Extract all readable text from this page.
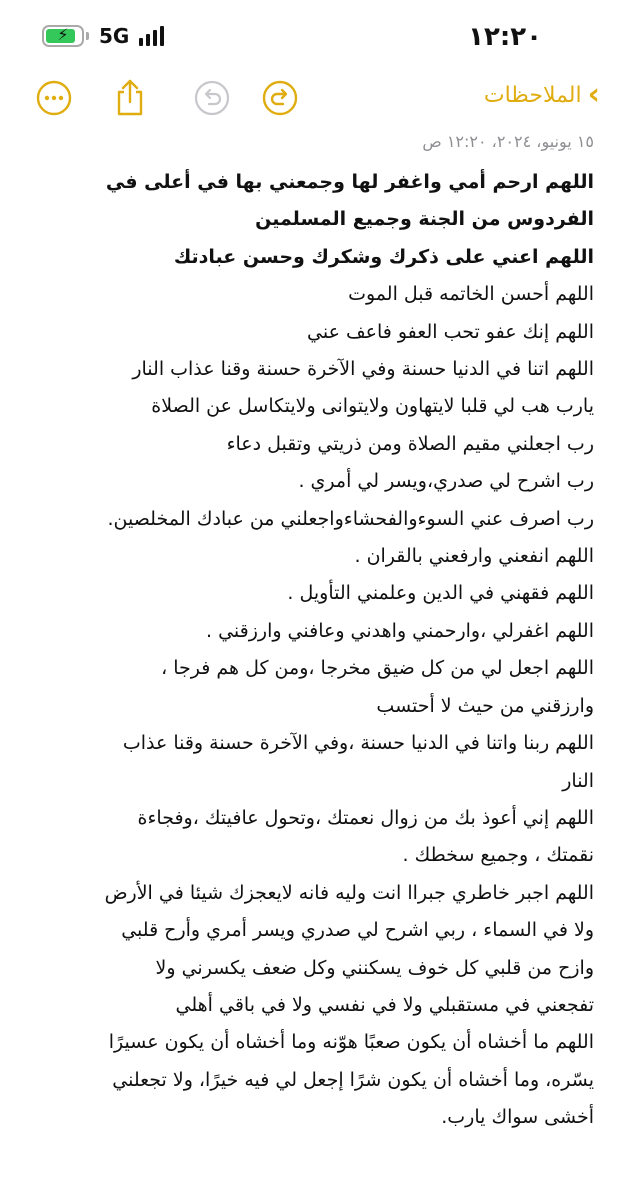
⚡	5G	١٢:٢٠
›
الملاحظات
١٥ يونيو، ٢٠٢٤، ١٢:٢٠ ص
اللهم ارحم أمي واغفر لها وجمعني بها في أعلى في
الفردوس من الجنة وجميع المسلمين
اللهم اعني على ذكرك وشكرك وحسن عبادتك
اللهم أحسن الخاتمه قبل الموت
اللهم إنك عفو تحب العفو فاعف عني
اللهم اتنا في الدنيا حسنة وفي الآخرة حسنة وقنا عذاب النار
يارب هب لي قلبا لايتهاون ولايتوانى ولايتكاسل عن الصلاة
رب اجعلني مقيم الصلاة ومن ذريتي وتقبل دعاء
رب اشرح لي صدري،ويسر لي أمري .
رب اصرف عني السوءوالفحشاءواجعلني من عبادك المخلصين.
اللهم انفعني وارفعني بالقران .
اللهم فقهني في الدين وعلمني التأويل .
اللهم اغفرلي ،وارحمني واهدني وعافني وارزقني .
اللهم اجعل لي من كل ضيق مخرجا ،ومن كل هم فرجا ،
وارزقني من حيث لا أحتسب
اللهم ربنا واتنا في الدنيا حسنة ،وفي الآخرة حسنة وقنا عذاب
النار
اللهم إني أعوذ بك من زوال نعمتك ،وتحول عافيتك ،وفجاءة
نقمتك ، وجميع سخطك .
اللهم اجبر خاطري جبراا انت وليه فانه لايعجزك شيئا في الأرض
ولا في السماء ، ربي اشرح لي صدري ويسر أمري وأرح قلبي
وازح من قلبي كل خوف يسكنني وكل ضعف يكسرني ولا
تفجعني في مستقبلي ولا في نفسي ولا في باقي أهلي
اللهم ما أخشاه أن يكون صعبًا هوّنه وما أخشاه أن يكون عسيرًا
يسّره، وما أخشاه أن يكون شرًا إجعل لي فيه خيرًا، ولا تجعلني
أخشى سواك يارب.
